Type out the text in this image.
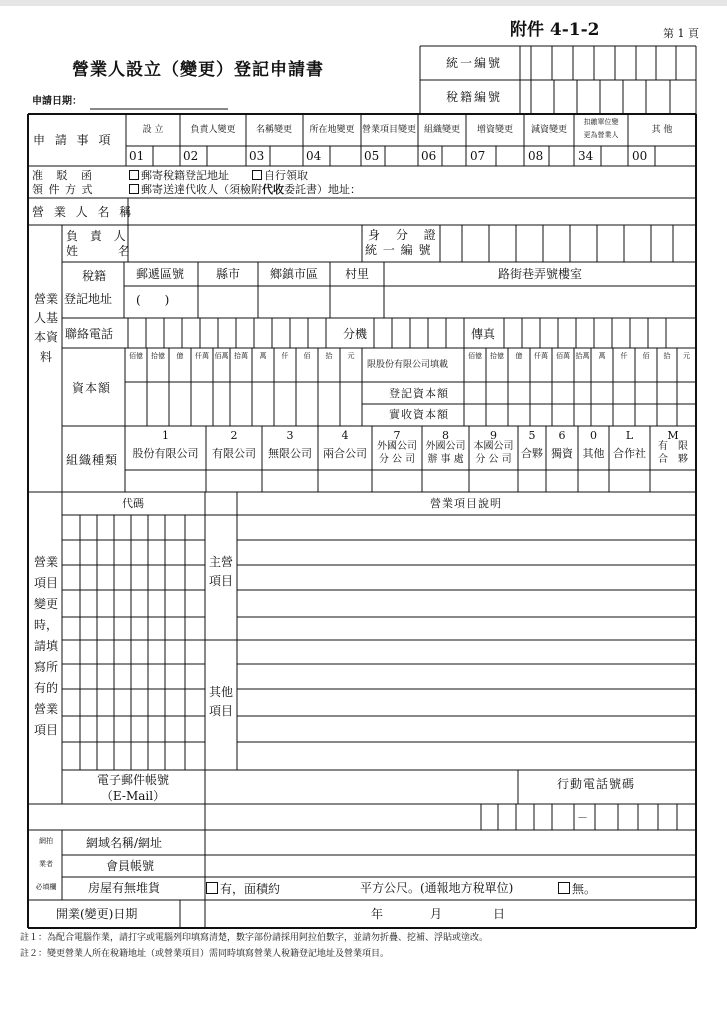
附件 4-1-2	第 1 頁
營業人設立（變更）登記申請書
申請日期：
統一編號
稅籍編號
申 請 事 項
設 立	負責人變更 名稱變更 所在地變更 營業項目變更 組織變更 增資變更 減資變更
扣繳單位變
更為營業人	其 他
01	02	03	04	05	06	07	08	34	00
准 駁 函
領 件 方 式
郵寄稅籍登記地址	自行領取
郵寄送達代收人（須檢附代收委託書）地址：
營 業 人 名 稱
營業人基本資料
負 責 人
姓 名
身 分 證
統 一 編 號
稅籍
登記地址
郵遞區號	縣市 鄉鎮市區 村里	路街巷弄號樓室
(　　)
聯絡電話	分機	傳真
資本額
佰億	拾億	億	仟萬 佰萬 拾萬	萬	仟	佰	拾	元	佰億	拾億	億	仟萬	佰萬 拾萬	萬	仟	佰	拾	元
限股份有限公司填載
登記資本額
實收資本額
組織種類
1
股份有限公司
2
有限公司
3
無限公司
4
兩合公司
7
外國公司
分 公 司
8
外國公司
辦 事 處
9
本國公司
分 公 司
5
合夥
6
獨資
0
其他
L
合作社
M
有　限
合　夥
營業項目變更時，請填寫所有的營業項目
代碼	營業項目說明
主營項目
其他項目
電子郵件帳號
（E-Mail）
行動電話號碼
－
網拍
業者
必填欄
網域名稱/網址
會員帳號
房屋有無堆貨	有，面積約	平方公尺。(通報地方稅單位)	無。
開業(變更)日期	年	月	日
註１：為配合電腦作業，請打字或電腦列印填寫清楚，數字部份請採用阿拉伯數字，並請勿折疊、挖補、浮貼或塗改。
註２：變更營業人所在稅籍地址（或營業項目）需同時填寫營業人稅籍登記地址及營業項目。
